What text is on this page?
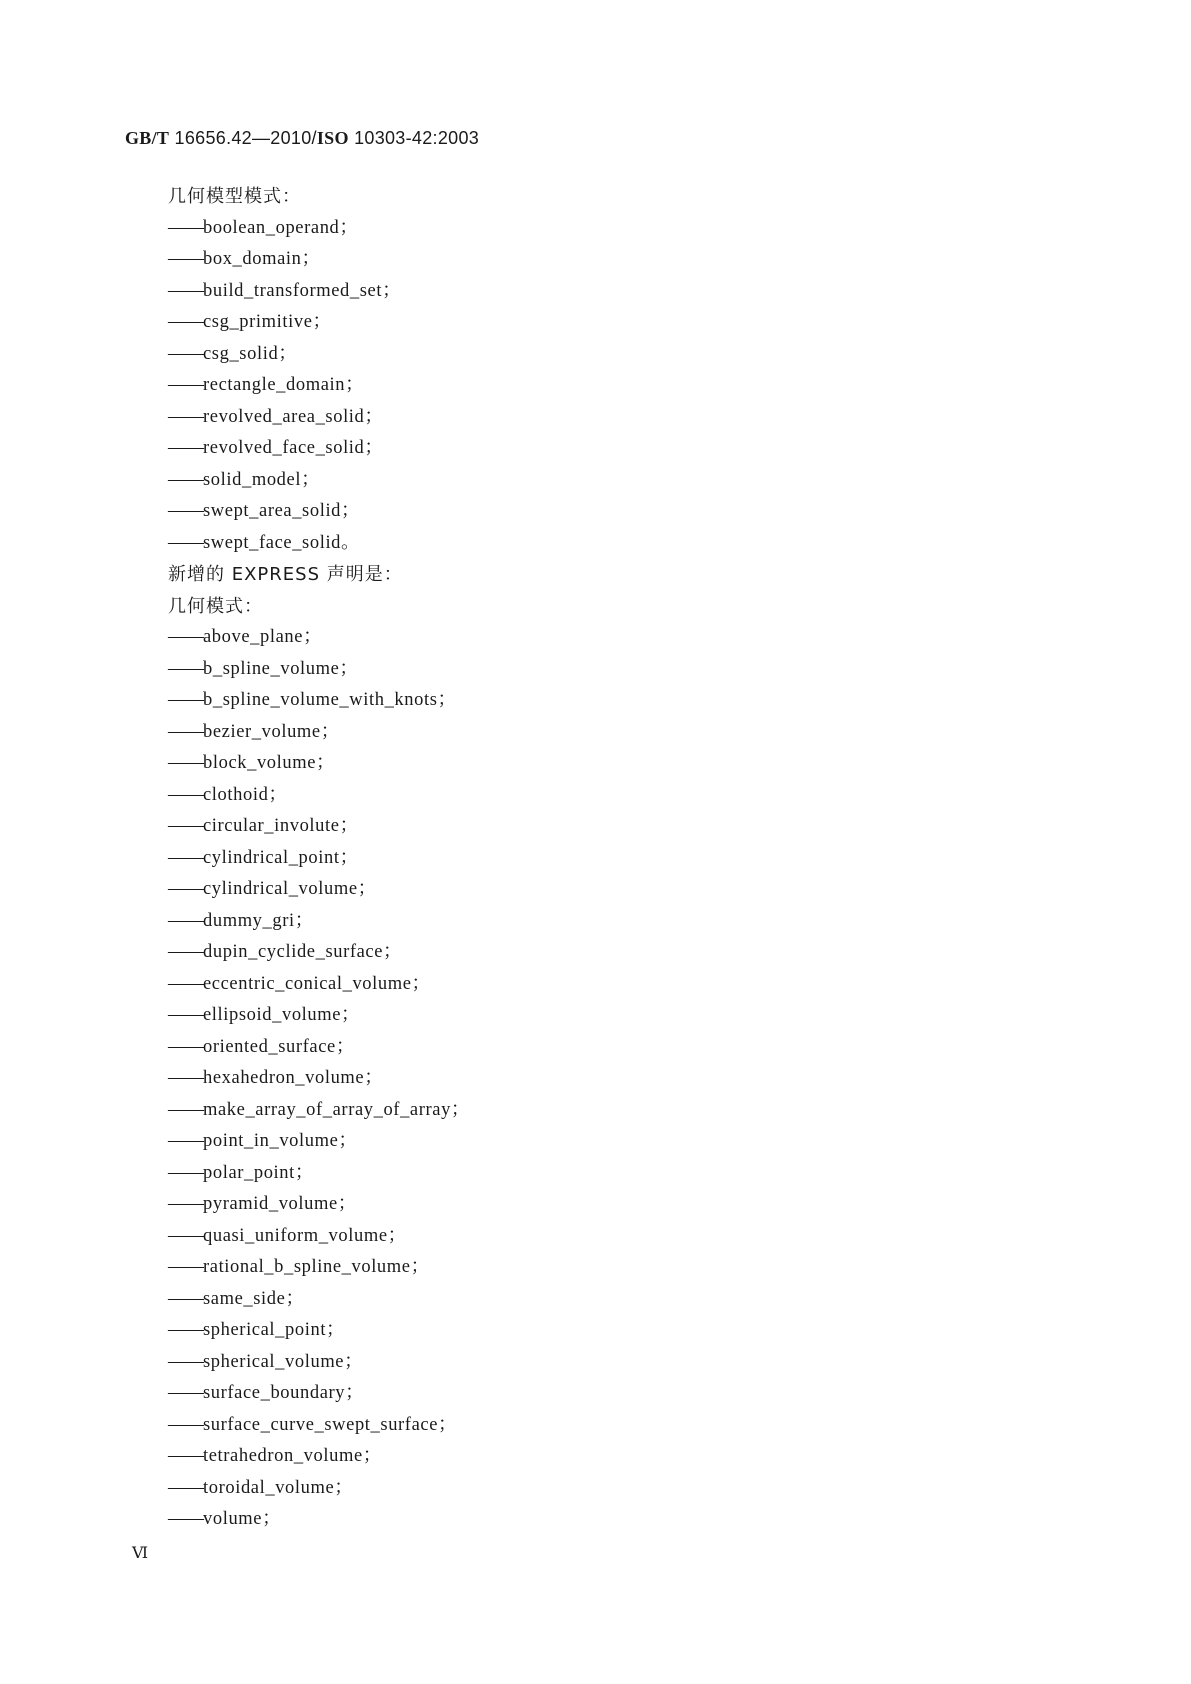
GB/T 16656.42—2010/ISO 10303-42:2003
几何模型模式：
——boolean_operand；
——box_domain；
——build_transformed_set；
——csg_primitive；
——csg_solid；
——rectangle_domain；
——revolved_area_solid；
——revolved_face_solid；
——solid_model；
——swept_area_solid；
——swept_face_solid。
新增的 EXPRESS 声明是：
几何模式：
——above_plane；
——b_spline_volume；
——b_spline_volume_with_knots；
——bezier_volume；
——block_volume；
——clothoid；
——circular_involute；
——cylindrical_point；
——cylindrical_volume；
——dummy_gri；
——dupin_cyclide_surface；
——eccentric_conical_volume；
——ellipsoid_volume；
——oriented_surface；
——hexahedron_volume；
——make_array_of_array_of_array；
——point_in_volume；
——polar_point；
——pyramid_volume；
——quasi_uniform_volume；
——rational_b_spline_volume；
——same_side；
——spherical_point；
——spherical_volume；
——surface_boundary；
——surface_curve_swept_surface；
——tetrahedron_volume；
——toroidal_volume；
——volume；
Ⅵ
